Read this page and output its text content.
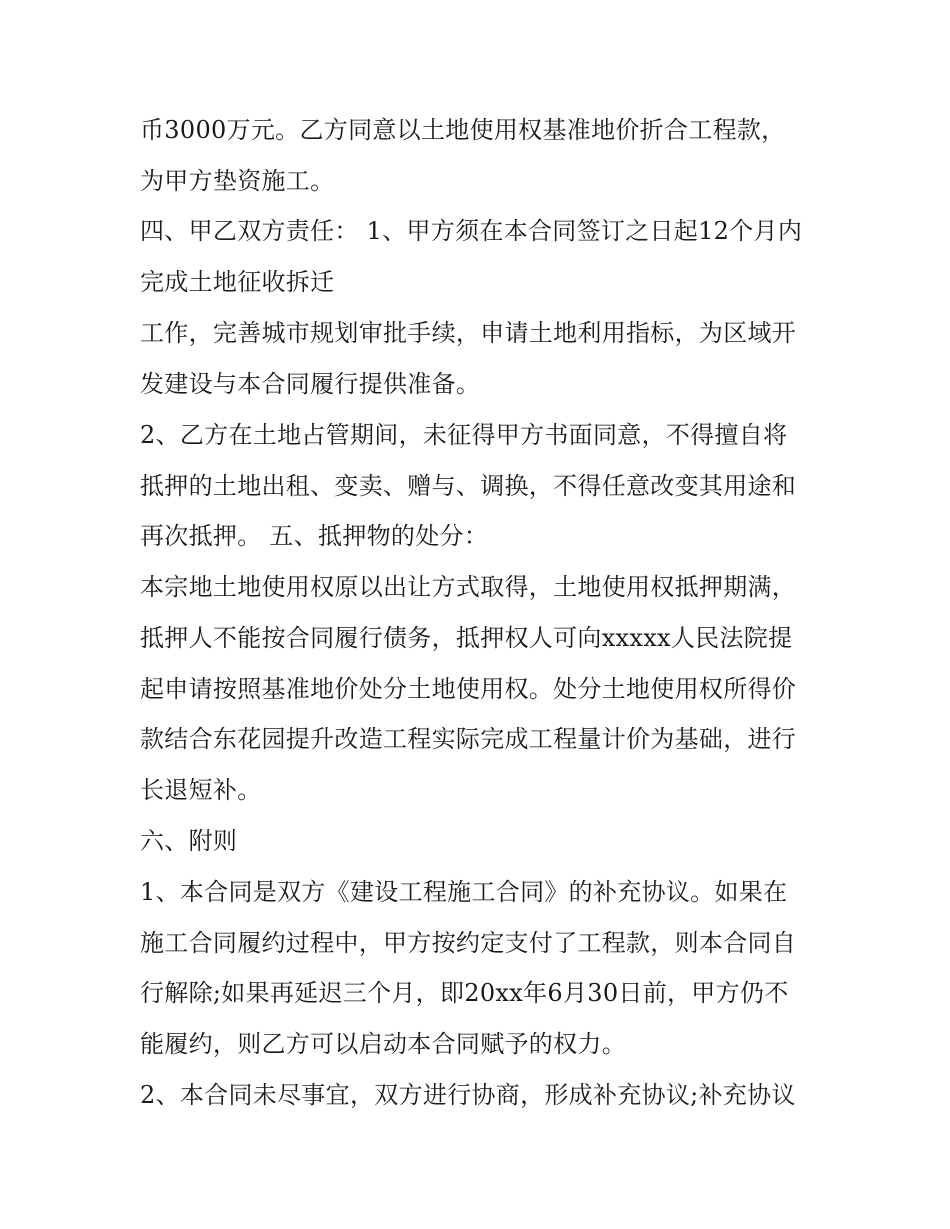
币3000万元。乙方同意以土地使用权基准地价折合工程款，
为甲方垫资施工。
四、甲乙双方责任： 1、甲方须在本合同签订之日起12个月内
完成土地征收拆迁
工作，完善城市规划审批手续，申请土地利用指标，为区域开
发建设与本合同履行提供准备。
2、乙方在土地占管期间，未征得甲方书面同意，不得擅自将
抵押的土地出租、变卖、赠与、调换，不得任意改变其用途和
再次抵押。 五、抵押物的处分：
本宗地土地使用权原以出让方式取得，土地使用权抵押期满，
抵押人不能按合同履行债务，抵押权人可向xxxxx人民法院提
起申请按照基准地价处分土地使用权。处分土地使用权所得价
款结合东花园提升改造工程实际完成工程量计价为基础，进行
长退短补。
六、附则
1、本合同是双方《建设工程施工合同》的补充协议。如果在
施工合同履约过程中，甲方按约定支付了工程款，则本合同自
行解除;如果再延迟三个月，即20xx年6月30日前，甲方仍不
能履约，则乙方可以启动本合同赋予的权力。
2、本合同未尽事宜，双方进行协商，形成补充协议;补充协议
